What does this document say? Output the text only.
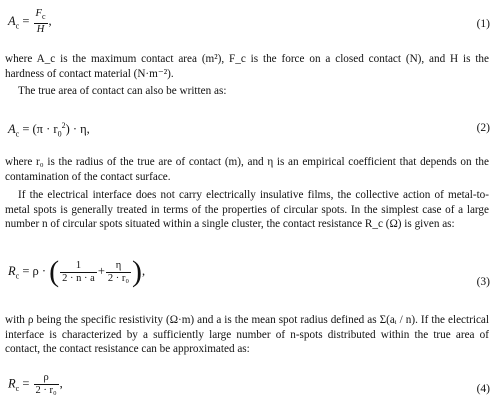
$A_c = \frac{F_c}{H}$ ,	(1)
where A_c is the maximum contact area (m²), F_c is the force on a closed contact (N), and H is the hardness of contact material (N·m⁻²).
The true area of contact can also be written as:
$A_c = (\pi \cdot r_0^2) \cdot \eta$,	(2)
where r₀ is the radius of the true are of contact (m), and η is an empirical coefficient that depends on the contamination of the contact surface.
If the electrical interface does not carry electrically insulative films, the collective action of metal-to-metal spots is generally treated in terms of the properties of circular spots. In the simplest case of a large number n of circular spots situated within a single cluster, the contact resistance R_c (Ω) is given as:
$R_c = \rho$ · ( $\frac{1}{2 \cdot n \cdot a} + \frac{\eta}{\text{2 · r₀}}$ ),
(3)
with ρ being the specific resistivity (Ω·m) and a is the mean spot radius defined as Σ(aᵢ / n). If the electrical interface is characterized by a sufficiently large number of n-spots distributed within the true area of contact, the contact resistance can be approximated as:
$R_c = \frac{\rho}{\text{2 · r₀}}$ ,	(4)
